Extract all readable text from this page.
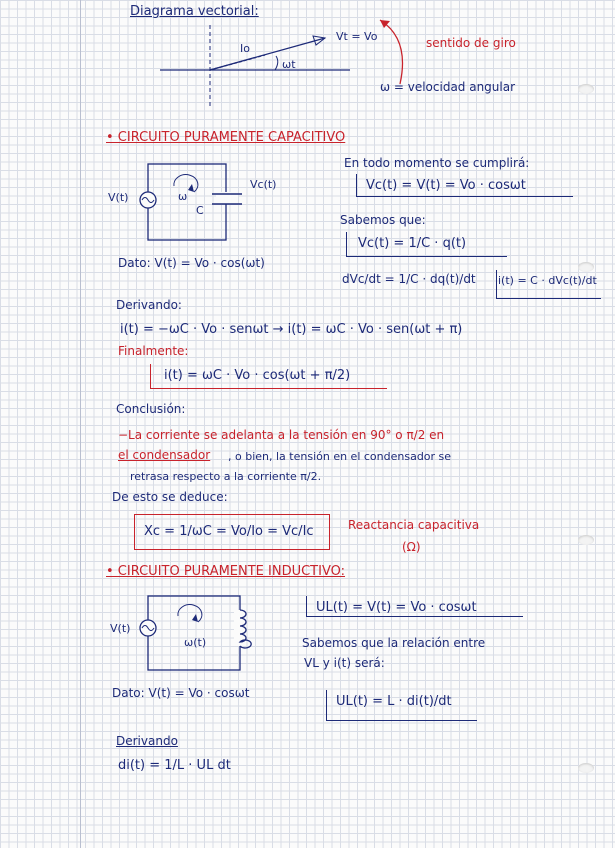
Diagrama vectorial:
Io
Vt = Vo
ωt
sentido de giro
ω = velocidad angular
• CIRCUITO PURAMENTE CAPACITIVO
V(t)	ω
C
Vc(t)
Dato: V(t) = Vo · cos(ωt)
En todo momento se cumplirá:
Vc(t) = V(t) = Vo · cosωt
Sabemos que:
Vc(t) = 1/C · q(t)
dVc/dt = 1/C · dq(t)/dt i(t) = C · dVc(t)/dt
Derivando:
i(t) = −ωC · Vo · senωt → i(t) = ωC · Vo · sen(ωt + π)
Finalmente:
i(t) = ωC · Vo · cos(ωt + π/2)
Conclusión:
−La corriente se adelanta a la tensión en 90° o π/2 en
el condensador , o bien, la tensión en el condensador se
retrasa respecto a la corriente π/2.
De esto se deduce:
Xc = 1/ωC = Vo/Io = Vc/Ic	Reactancia capacitiva
(Ω)
• CIRCUITO PURAMENTE INDUCTIVO:
V(t)
ω(t)
Dato: V(t) = Vo · cosωt
UL(t) = V(t) = Vo · cosωt
Sabemos que la relación entre
VL y i(t) será:
UL(t) = L · di(t)/dt
Derivando
di(t) = 1/L · UL dt
